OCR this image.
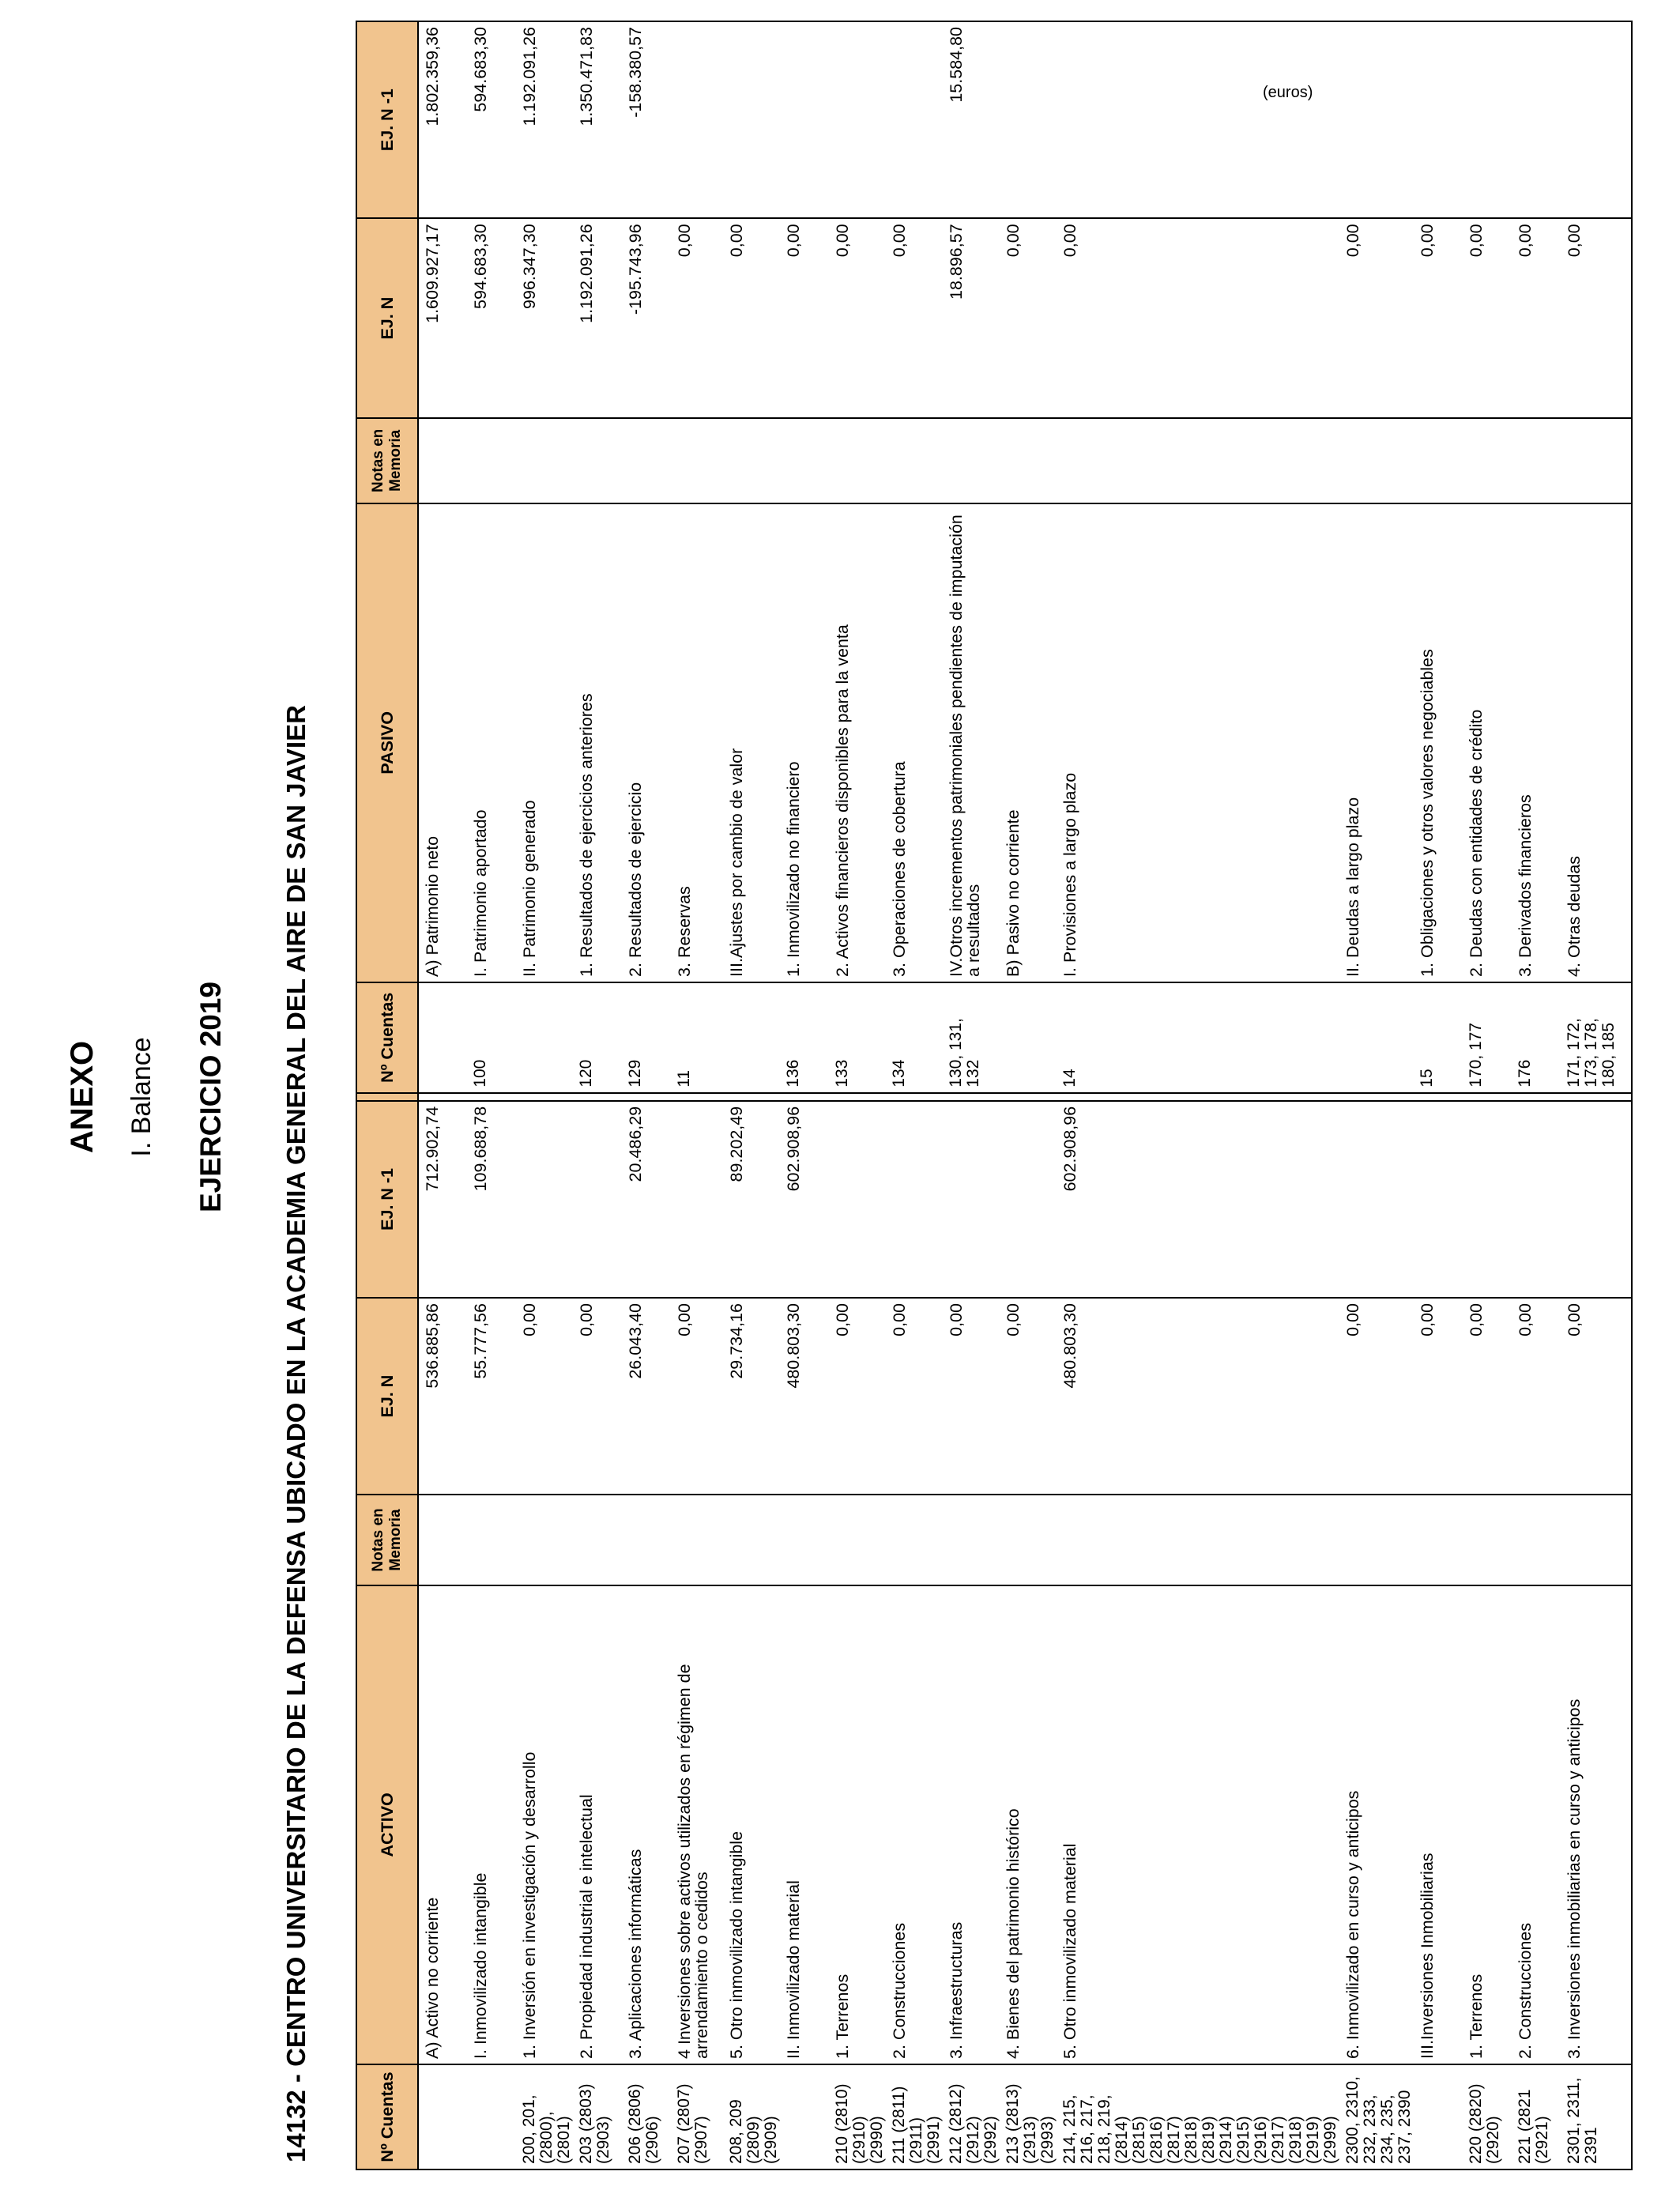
ANEXO I. Balance EJERCICIO 2019 14132 - CENTRO UNIVERSITARIO DE LA DEFENSA UBICADO EN LA ACADEMIA GENERAL DEL AIRE DE SAN JAVIER
(euros)
Nº Cuentas	ACTIVO	Notas en Memoria	EJ. N	EJ. N -1		Nº Cuentas	PASIVO	Notas en Memoria	EJ. N	EJ. N -1
	A) Activo no corriente		536.885,86	712.902,74			A) Patrimonio neto		1.609.927,17	1.802.359,36
	I. Inmovilizado intangible		55.777,56	109.688,78		100	I. Patrimonio aportado		594.683,30	594.683,30
200, 201, (2800), (2801)	1. Inversión en investigación y desarrollo		0,00				II. Patrimonio generado		996.347,30	1.192.091,26
203 (2803) (2903)	2. Propiedad industrial e intelectual		0,00			120	1. Resultados de ejercicios anteriores		1.192.091,26	1.350.471,83
206 (2806) (2906)	3. Aplicaciones informáticas		26.043,40	20.486,29		129	2. Resultados de ejercicio		-195.743,96	-158.380,57
207 (2807) (2907)	4 Inversiones sobre activos utilizados en régimen de arrendamiento o cedidos		0,00			11	3. Reservas		0,00	
208, 209 (2809) (2909)	5. Otro inmovilizado intangible		29.734,16	89.202,49			III.Ajustes por cambio de valor		0,00	
	II. Inmovilizado material		480.803,30	602.908,96		136	1. Inmovilizado no financiero		0,00	
210 (2810) (2910) (2990)	1. Terrenos		0,00			133	2. Activos financieros disponibles para la venta		0,00	
211 (2811) (2911) (2991)	2. Construcciones		0,00			134	3. Operaciones de cobertura		0,00	
212 (2812) (2912) (2992)	3. Infraestructuras		0,00			130, 131, 132	IV.Otros incrementos patrimoniales pendientes de imputación a resultados		18.896,57	15.584,80
213 (2813) (2913) (2993)	4. Bienes del patrimonio histórico		0,00				B) Pasivo no corriente		0,00	
214, 215, 216, 217, 218, 219, (2814) (2815) (2816) (2817) (2818) (2819) (2914) (2915) (2916) (2917) (2918) (2919) (2999)	5. Otro inmovilizado material		480.803,30	602.908,96		14	I. Provisiones a largo plazo		0,00	
2300, 2310, 232, 233, 234, 235, 237, 2390	6. Inmovilizado en curso y anticipos		0,00				II. Deudas a largo plazo		0,00	
	III.Inversiones Inmobiliarias		0,00			15	1. Obligaciones y otros valores negociables		0,00	
220 (2820) (2920)	1. Terrenos		0,00			170, 177	2. Deudas con entidades de crédito		0,00	
221 (2821 (2921)	2. Construcciones		0,00			176	3. Derivados financieros		0,00	
2301, 2311, 2391	3. Inversiones inmobiliarias en curso y anticipos		0,00			171, 172, 173, 178, 180, 185	4. Otras deudas		0,00	
